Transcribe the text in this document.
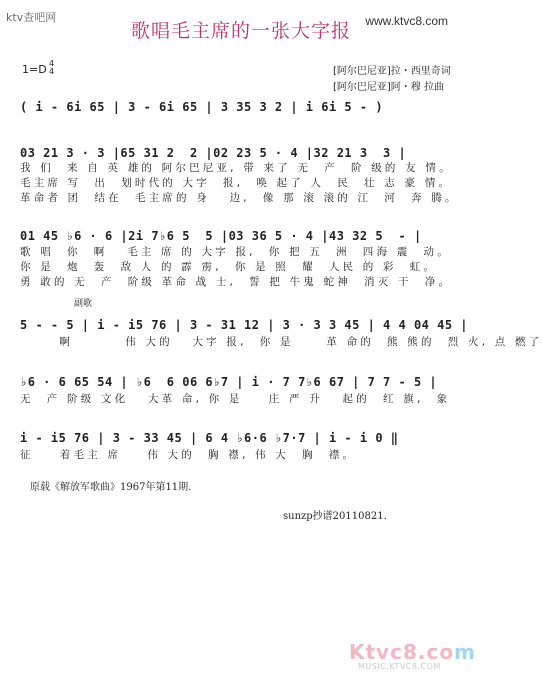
ktv查吧网	www.ktvc8.com
歌唱毛主席的一张大字报
1=D 4
4	[阿尔巴尼亚]拉・西里奇词
[阿尔巴尼亚]阿・穆 拉曲
( i - 6i 65 | 3 - 6i 65 | 3 35 3 2 | i 6i 5 - )
03 21 3 · 3 |65 31 2  2 |02 23 5 · 4 |32 21 3  3 |
我 们  来 自 英 雄的 阿尔巴尼亚, 带 来了 无  产  阶 级的 友 情。
毛主席 写  出  划时代的 大字  报,  唤 起了 人  民  壮 志 豪 情。
革命者 团  结在  毛主席的 身   边,  像 那 滚 滚的 江  河  奔 腾。
01 45 ♭6 · 6 |2i 7♭6 5  5 |03 36 5 · 4 |43 32 5  - |
歌 唱  你  啊   毛主 席 的 大字 报,  你 把 五  洲  四海 震  动。
你 是  炮  轰  敌 人 的 霹 雳,  你 是 照  耀  人民 的 彩  虹。
勇 敢的 无  产  阶级 革命 战 士,  誓 把 牛鬼 蛇神  消灭 干  净。
副歌
5 - - 5 | i - i5 76 | 3 - 31 12 | 3 · 3 3 45 | 4 4 04 45 |
啊        伟 大的   大字 报,  你 是     革 命的  熊 熊的  烈 火, 点 燃了
♭6 · 6 65 54 | ♭6  6 06 6♭7 | i · 7 7♭6 67 | 7 7 - 5 |
无  产 阶级 文化   大革 命, 你 是    庄 严 升   起的  红 旗,  象
i - i5 76 | 3 - 33 45 | 6 4 ♭6·6 ♭7·7 | i - i 0 ‖
征    着毛主 席    伟 大的  胸 襟, 伟 大  胸  襟。
原载《解放军歌曲》1967年第11期.
sunzp抄谱20110821.
Ktvc8.com
MUSIC.KTVC8.COM
